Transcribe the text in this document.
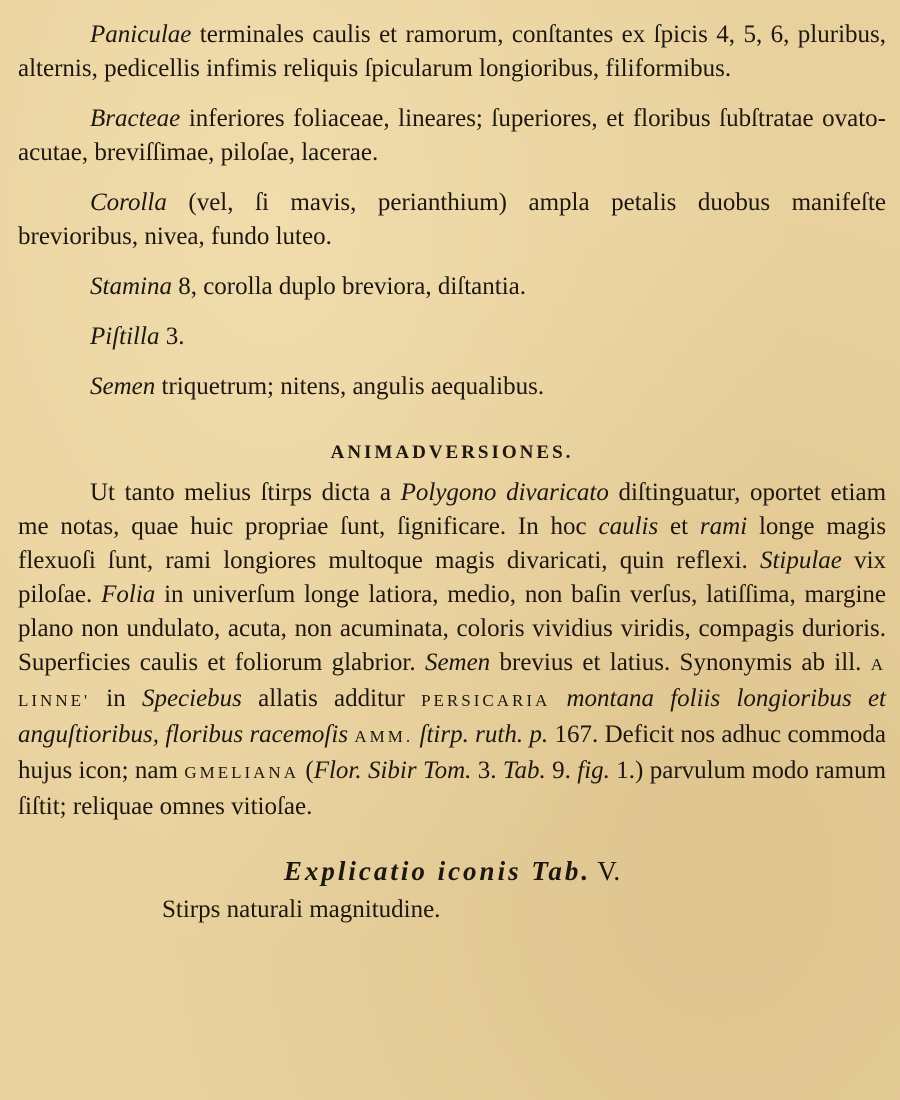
Paniculae terminales caulis et ramorum, conſtantes ex ſpicis 4, 5, 6, pluribus, alternis, pedicellis infimis reliquis ſpicularum longioribus, filiformibus.

Bracteae inferiores foliaceae, lineares; ſuperiores, et floribus ſubſtratae ovato-acutae, breviſſimae, piloſae, lacerae.

Corolla (vel, ſi mavis, perianthium) ampla petalis duobus manifeſte brevioribus, nivea, fundo luteo.

Stamina 8, corolla duplo breviora, diſtantia.

Piſtilla 3.

Semen triquetrum; nitens, angulis aequalibus.

ANIMADVERSIONES.

Ut tanto melius ſtirps dicta a Polygono divaricato diſtinguatur, oportet etiam me notas, quae huic propriae ſunt, ſignificare. In hoc caulis et rami longe magis flexuoſi ſunt, rami longiores multoque magis divaricati, quin reflexi. Stipulae vix piloſae. Folia in univerſum longe latiora, medio, non baſin verſus, latiſſima, margine plano non undulato, acuta, non acuminata, coloris vividius viridis, compagis durioris. Superficies caulis et foliorum glabrior. Semen brevius et latius. Synonymis ab ill. A LINNE' in Speciebus allatis additur PERSICARIA montana foliis longioribus et anguſtioribus, floribus racemoſis AMM. ſtirp. ruth. p. 167. Deficit nos adhuc commoda hujus icon; nam GMELIANA (Flor. Sibir Tom. 3. Tab. 9. fig. 1.) parvulum modo ramum ſiſtit; reliquae omnes vitioſae.

Explicatio iconis Tab. V.

Stirps naturali magnitudine.
